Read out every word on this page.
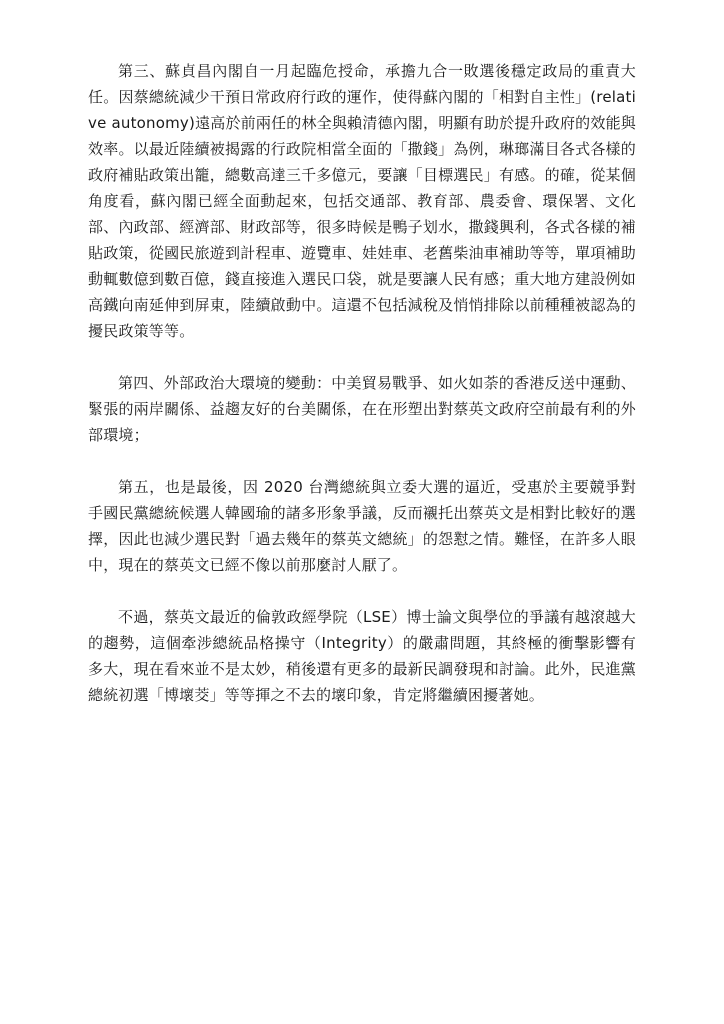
第三、蘇貞昌內閣自一月起臨危授命，承擔九合一敗選後穩定政局的重責大任。因蔡總統減少干預日常政府行政的運作，使得蘇內閣的「相對自主性」(relative autonomy)遠高於前兩任的林全與賴清德內閣，明顯有助於提升政府的效能與效率。以最近陸續被揭露的行政院相當全面的「撒錢」為例，琳瑯滿目各式各樣的政府補貼政策出籠，總數高達三千多億元，要讓「目標選民」有感。的確，從某個角度看，蘇內閣已經全面動起來，包括交通部、教育部、農委會、環保署、文化部、內政部、經濟部、財政部等，很多時候是鴨子划水，撒錢興利，各式各樣的補貼政策，從國民旅遊到計程車、遊覽車、娃娃車、老舊柴油車補助等等，單項補助動輒數億到數百億，錢直接進入選民口袋，就是要讓人民有感；重大地方建設例如高鐵向南延伸到屏東，陸續啟動中。這還不包括減稅及悄悄排除以前種種被認為的擾民政策等等。

第四、外部政治大環境的變動：中美貿易戰爭、如火如荼的香港反送中運動、緊張的兩岸關係、益趨友好的台美關係，在在形塑出對蔡英文政府空前最有利的外部環境；

第五，也是最後，因 2020 台灣總統與立委大選的逼近，受惠於主要競爭對手國民黨總統候選人韓國瑜的諸多形象爭議，反而襯托出蔡英文是相對比較好的選擇，因此也減少選民對「過去幾年的蔡英文總統」的怨懟之情。難怪，在許多人眼中，現在的蔡英文已經不像以前那麼討人厭了。

不過，蔡英文最近的倫敦政經學院（LSE）博士論文與學位的爭議有越滾越大的趨勢，這個牽涉總統品格操守（Integrity）的嚴肅問題，其終極的衝擊影響有多大，現在看來並不是太妙，稍後還有更多的最新民調發現和討論。此外，民進黨總統初選「博壞茭」等等揮之不去的壞印象，肯定將繼續困擾著她。
